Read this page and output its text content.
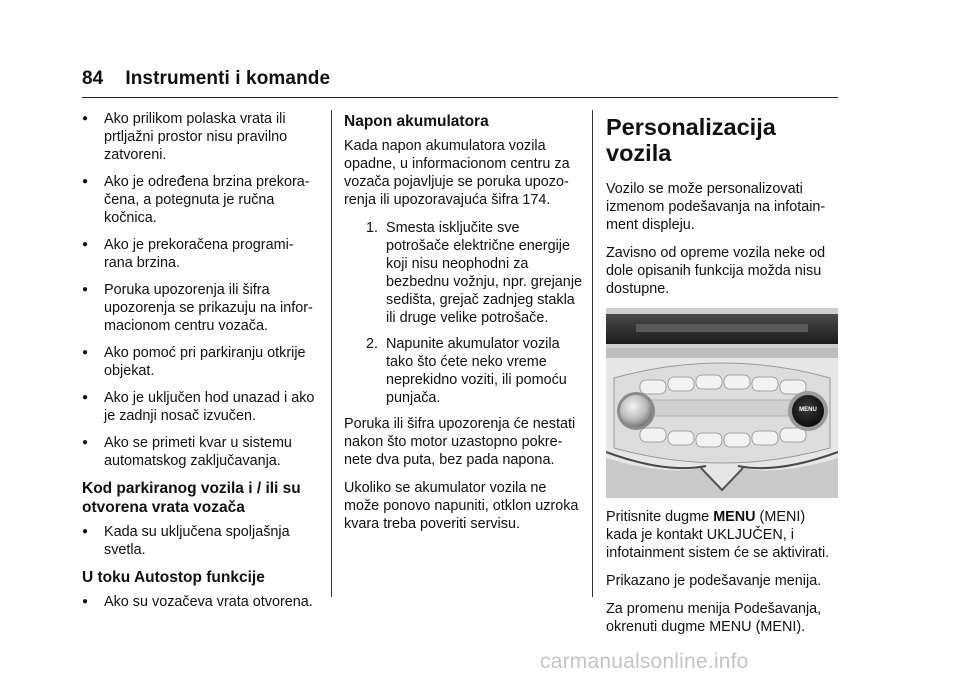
84 Instrumenti i komande
●	Ako prilikom polaska vrata ili prtljažni prostor nisu pravilno zatvoreni.
●	Ako je određena brzina prekora-čena, a potegnuta je ručna kočnica.
●	Ako je prekoračena programi-rana brzina.
●	Poruka upozorenja ili šifra upozorenja se prikazuju na infor-macionom centru vozača.
●	Ako pomoć pri parkiranju otkrije objekat.
●	Ako je uključen hod unazad i ako je zadnji nosač izvučen.
●	Ako se primeti kvar u sistemu automatskog zaključavanja.
Kod parkiranog vozila i / ili su otvorena vrata vozača
●	Kada su uključena spoljašnja svetla.
U toku Autostop funkcije
●	Ako su vozačeva vrata otvorena.
Napon akumulatora

Kada napon akumulatora vozila opadne, u informacionom centru za vozača pojavljuje se poruka upozo-renja ili upozoravajuća šifra 174.

1. Smesta isključite sve potrošače električne energije koji nisu neophodni za bezbednu vožnju, npr. grejanje sedišta, grejač zadnjeg stakla ili druge velike potrošače.
2. Napunite akumulator vozila tako što ćete neko vreme neprekidno voziti, ili pomoću punjača.

Poruka ili šifra upozorenja će nestati nakon što motor uzastopno pokre-nete dva puta, bez pada napona.

Ukoliko se akumulator vozila ne može ponovo napuniti, otklon uzroka kvara treba poveriti servisu.

Personalizacija vozila

Vozilo se može personalizovati izmenom podešavanja na infotain-ment displeju.

Zavisno od opreme vozila neke od dole opisanih funkcija možda nisu dostupne.

MENU

Pritisnite dugme MENU (MENI) kada je kontakt UKLJUČEN, i infotainment sistem će se aktivirati.

Prikazano je podešavanje menija.

Za promenu menija Podešavanja, okrenuti dugme MENU (MENI).

carmanualsonline.info
